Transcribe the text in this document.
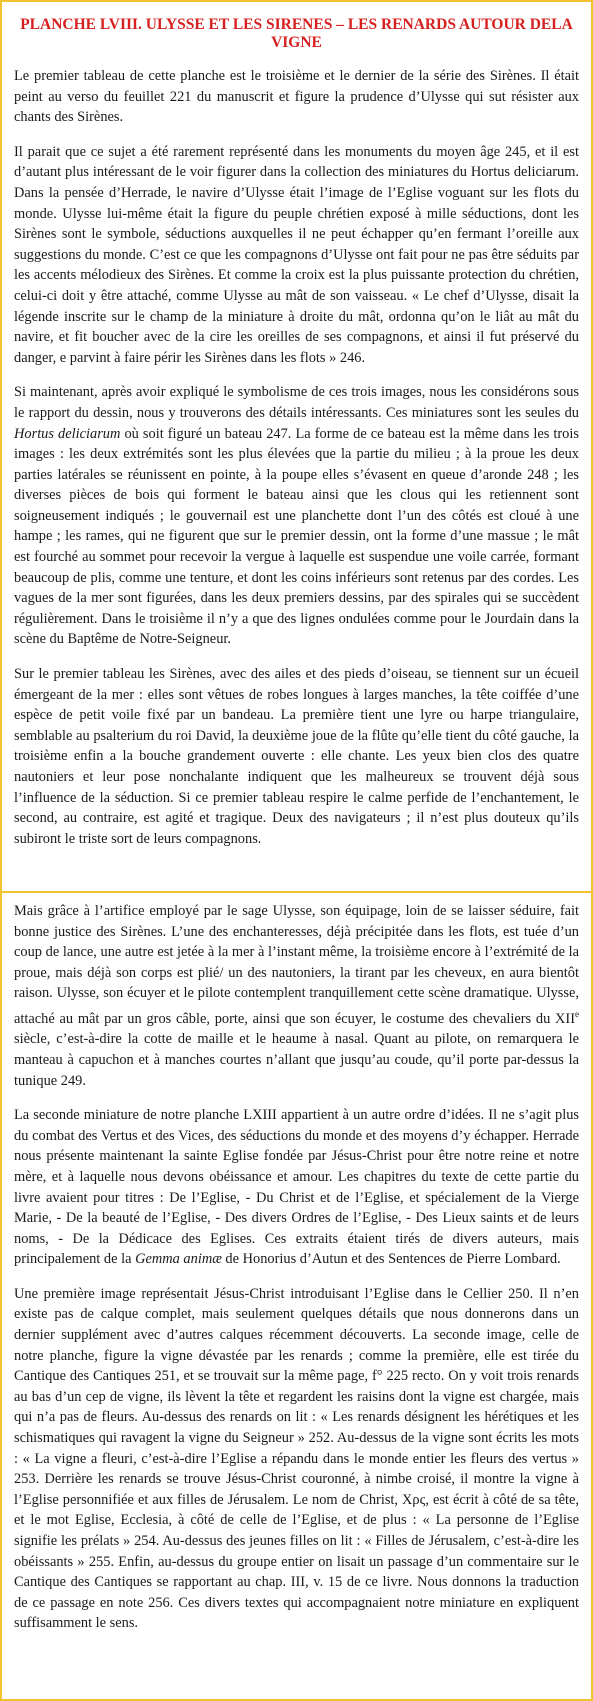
PLANCHE LVIII. ULYSSE ET LES SIRENES – LES RENARDS AUTOUR DELA VIGNE

Le premier tableau de cette planche est le troisième et le dernier de la série des Sirènes. Il était peint au verso du feuillet 221 du manuscrit et figure la prudence d’Ulysse qui sut résister aux chants des Sirènes.

Il parait que ce sujet a été rarement représenté dans les monuments du moyen âge 245, et il est d’autant plus intéressant de le voir figurer dans la collection des miniatures du Hortus deliciarum. Dans la pensée d’Herrade, le navire d’Ulysse était l’image de l’Eglise voguant sur les flots du monde. Ulysse lui-même était la figure du peuple chrétien exposé à mille séductions, dont les Sirènes sont le symbole, séductions auxquelles il ne peut échapper qu’en fermant l’oreille aux suggestions du monde. C’est ce que les compagnons d’Ulysse ont fait pour ne pas être séduits par les accents mélodieux des Sirènes. Et comme la croix est la plus puissante protection du chrétien, celui-ci doit y être attaché, comme Ulysse au mât de son vaisseau. « Le chef d’Ulysse, disait la légende inscrite sur le champ de la miniature à droite du mât, ordonna qu’on le liât au mât du navire, et fit boucher avec de la cire les oreilles de ses compagnons, et ainsi il fut préservé du danger, e parvint à faire périr les Sirènes dans les flots » 246.

Si maintenant, après avoir expliqué le symbolisme de ces trois images, nous les considérons sous le rapport du dessin, nous y trouverons des détails intéressants. Ces miniatures sont les seules du Hortus deliciarum où soit figuré un bateau 247. La forme de ce bateau est la même dans les trois images : les deux extrémités sont les plus élevées que la partie du milieu ; à la proue les deux parties latérales se réunissent en pointe, à la poupe elles s’évasent en queue d’aronde 248 ; les diverses pièces de bois qui forment le bateau ainsi que les clous qui les retiennent sont soigneusement indiqués ; le gouvernail est une planchette dont l’un des côtés est cloué à une hampe ; les rames, qui ne figurent que sur le premier dessin, ont la forme d’une massue ; le mât est fourché au sommet pour recevoir la vergue à laquelle est suspendue une voile carrée, formant beaucoup de plis, comme une tenture, et dont les coins inférieurs sont retenus par des cordes. Les vagues de la mer sont figurées, dans les deux premiers dessins, par des spirales qui se succèdent régulièrement. Dans le troisième il n’y a que des lignes ondulées comme pour le Jourdain dans la scène du Baptême de Notre-Seigneur.

Sur le premier tableau les Sirènes, avec des ailes et des pieds d’oiseau, se tiennent sur un écueil émergeant de la mer : elles sont vêtues de robes longues à larges manches, la tête coiffée d’une espèce de petit voile fixé par un bandeau. La première tient une lyre ou harpe triangulaire, semblable au psalterium du roi David, la deuxième joue de la flûte qu’elle tient du côté gauche, la troisième enfin a la bouche grandement ouverte : elle chante. Les yeux bien clos des quatre nautoniers et leur pose nonchalante indiquent que les malheureux se trouvent déjà sous l’influence de la séduction. Si ce premier tableau respire le calme perfide de l’enchantement, le second, au contraire, est agité et tragique. Deux des navigateurs ; il n’est plus douteux qu’ils subiront le triste sort de leurs compagnons.

Mais grâce à l’artifice employé par le sage Ulysse, son équipage, loin de se laisser séduire, fait bonne justice des Sirènes. L’une des enchanteresses, déjà précipitée dans les flots, est tuée d’un coup de lance, une autre est jetée à la mer à l’instant même, la troisième encore à l’extrémité de la proue, mais déjà son corps est plié/ un des nautoniers, la tirant par les cheveux, en aura bientôt raison. Ulysse, son écuyer et le pilote contemplent tranquillement cette scène dramatique. Ulysse, attaché au mât par un gros câble, porte, ainsi que son écuyer, le costume des chevaliers du XIIe siècle, c’est-à-dire la cotte de maille et le heaume à nasal. Quant au pilote, on remarquera le manteau à capuchon et à manches courtes n’allant que jusqu’au coude, qu’il porte par-dessus la tunique 249.

La seconde miniature de notre planche LXIII appartient à un autre ordre d’idées. Il ne s’agit plus du combat des Vertus et des Vices, des séductions du monde et des moyens d’y échapper. Herrade nous présente maintenant la sainte Eglise fondée par Jésus-Christ pour être notre reine et notre mère, et à laquelle nous devons obéissance et amour. Les chapitres du texte de cette partie du livre avaient pour titres : De l’Eglise, - Du Christ et de l’Eglise, et spécialement de la Vierge Marie, - De la beauté de l’Eglise, - Des divers Ordres de l’Eglise, - Des Lieux saints et de leurs noms, - De la Dédicace des Eglises. Ces extraits étaient tirés de divers auteurs, mais principalement de la Gemma animæ de Honorius d’Autun et des Sentences de Pierre Lombard.

Une première image représentait Jésus-Christ introduisant l’Eglise dans le Cellier 250. Il n’en existe pas de calque complet, mais seulement quelques détails que nous donnerons dans un dernier supplément avec d’autres calques récemment découverts. La seconde image, celle de notre planche, figure la vigne dévastée par les renards ; comme la première, elle est tirée du Cantique des Cantiques 251, et se trouvait sur la même page, f° 225 recto. On y voit trois renards au bas d’un cep de vigne, ils lèvent la tête et regardent les raisins dont la vigne est chargée, mais qui n’a pas de fleurs. Au-dessus des renards on lit : « Les renards désignent les hérétiques et les schismatiques qui ravagent la vigne du Seigneur » 252. Au-dessus de la vigne sont écrits les mots : « La vigne a fleuri, c’est-à-dire l’Eglise a répandu dans le monde entier les fleurs des vertus » 253. Derrière les renards se trouve Jésus-Christ couronné, à nimbe croisé, il montre la vigne à l’Eglise personnifiée et aux filles de Jérusalem. Le nom de Christ, Xρς, est écrit à côté de sa tête, et le mot Eglise, Ecclesia, à côté de celle de l’Eglise, et de plus : « La personne de l’Eglise signifie les prélats » 254. Au-dessus des jeunes filles on lit : « Filles de Jérusalem, c’est-à-dire les obéissants » 255. Enfin, au-dessus du groupe entier on lisait un passage d’un commentaire sur le Cantique des Cantiques se rapportant au chap. III, v. 15 de ce livre. Nous donnons la traduction de ce passage en note 256. Ces divers textes qui accompagnaient notre miniature en expliquent suffisamment le sens.
